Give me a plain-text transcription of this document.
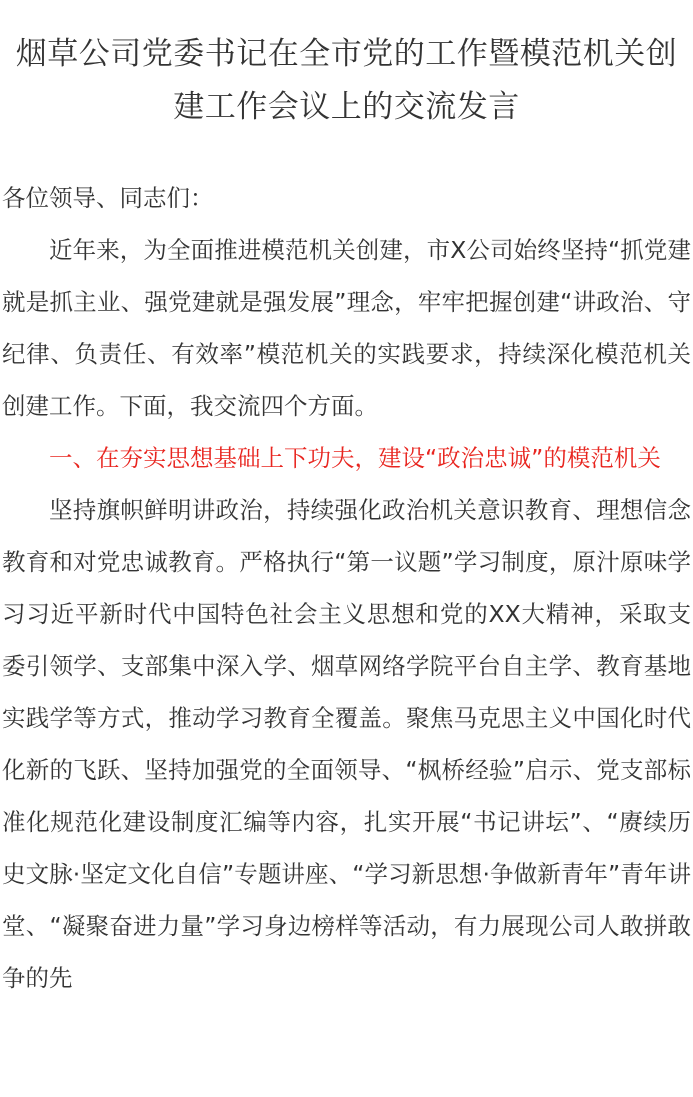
烟草公司党委书记在全市党的工作暨模范机关创建工作会议上的交流发言

各位领导、同志们：

近年来，为全面推进模范机关创建，市X公司始终坚持“抓党建就是抓主业、强党建就是强发展”理念，牢牢把握创建“讲政治、守纪律、负责任、有效率”模范机关的实践要求，持续深化模范机关创建工作。下面，我交流四个方面。

一、在夯实思想基础上下功夫，建设“政治忠诚”的模范机关

坚持旗帜鲜明讲政治，持续强化政治机关意识教育、理想信念教育和对党忠诚教育。严格执行“第一议题”学习制度，原汁原味学习习近平新时代中国特色社会主义思想和党的XX大精神，采取支委引领学、支部集中深入学、烟草网络学院平台自主学、教育基地实践学等方式，推动学习教育全覆盖。聚焦马克思主义中国化时代化新的飞跃、坚持加强党的全面领导、“枫桥经验”启示、党支部标准化规范化建设制度汇编等内容，扎实开展“书记讲坛”、“赓续历史文脉·坚定文化自信”专题讲座、“学习新思想·争做新青年”青年讲堂、“凝聚奋进力量”学习身边榜样等活动，有力展现公司人敢拼敢争的先
